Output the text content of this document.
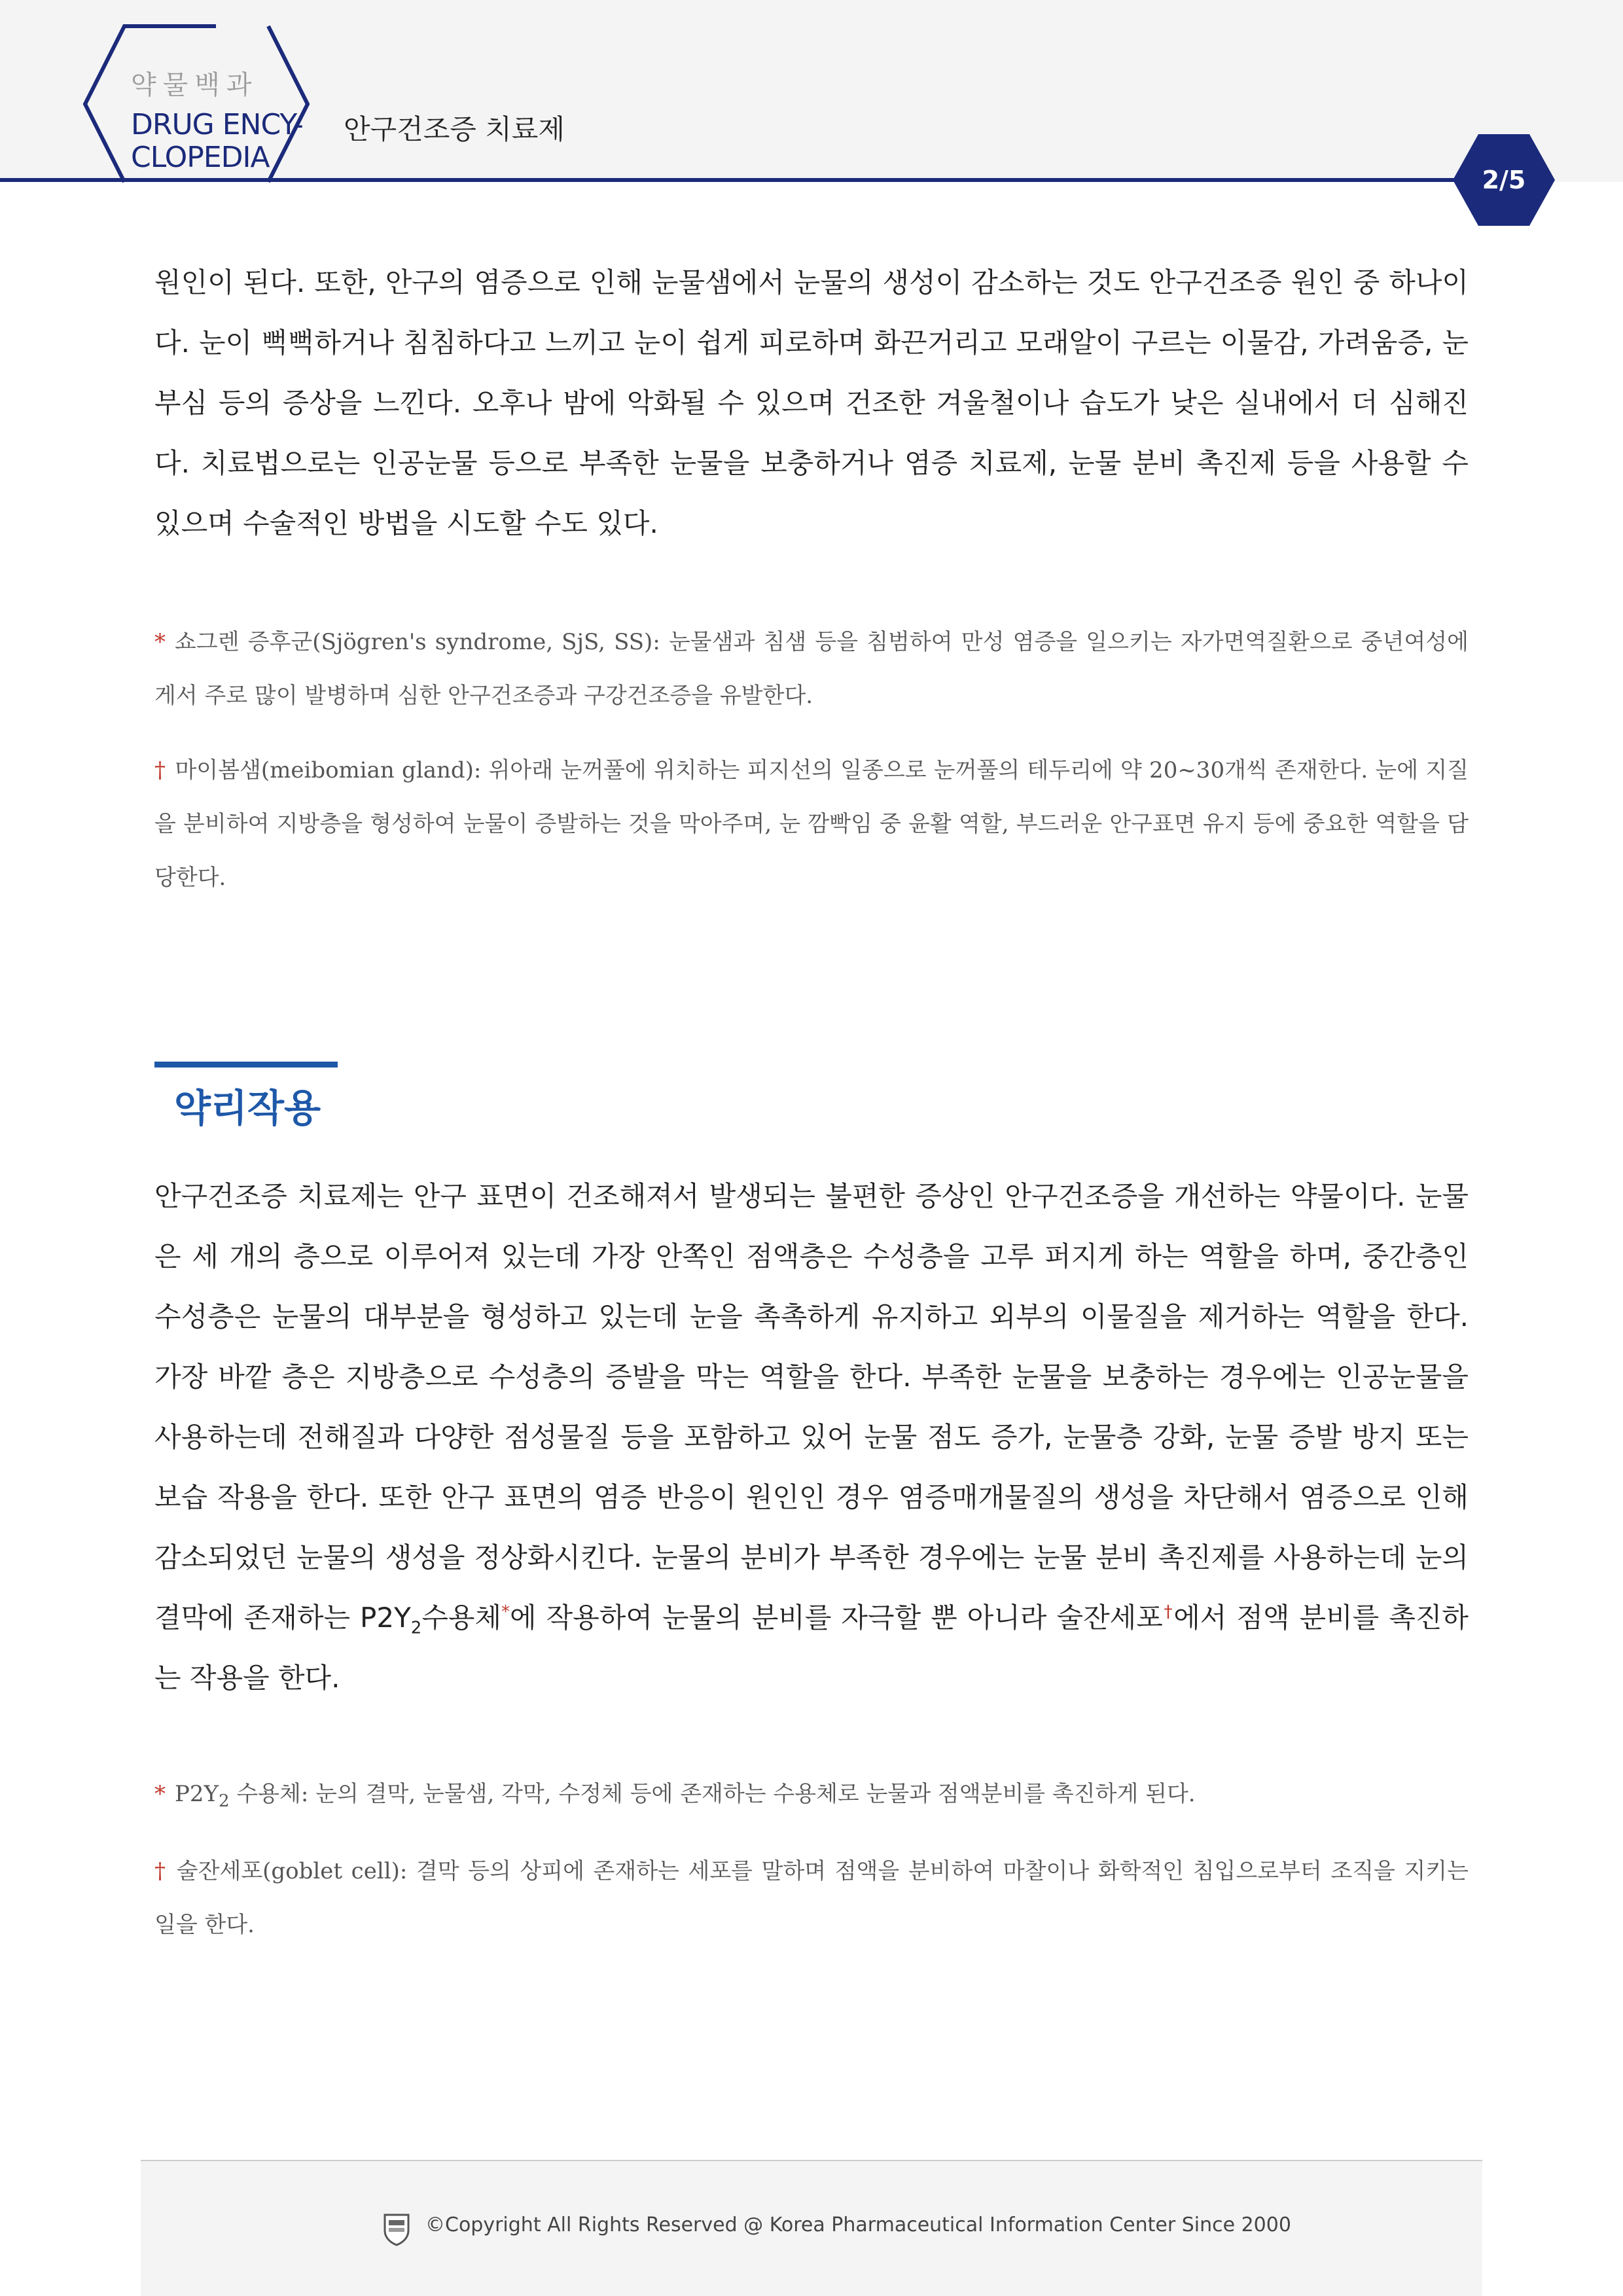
약물백과
DRUG ENCY-
CLOPEDIA
안구건조증 치료제
2/5

원인이 된다. 또한, 안구의 염증으로 인해 눈물샘에서 눈물의 생성이 감소하는 것도 안구건조증 원인 중 하나이다. 눈이 뻑뻑하거나 침침하다고 느끼고 눈이 쉽게 피로하며 화끈거리고 모래알이 구르는 이물감, 가려움증, 눈부심 등의 증상을 느낀다. 오후나 밤에 악화될 수 있으며 건조한 겨울철이나 습도가 낮은 실내에서 더 심해진다. 치료법으로는 인공눈물 등으로 부족한 눈물을 보충하거나 염증 치료제, 눈물 분비 촉진제 등을 사용할 수 있으며 수술적인 방법을 시도할 수도 있다.

* 쇼그렌 증후군(Sjögren's syndrome, SjS, SS): 눈물샘과 침샘 등을 침범하여 만성 염증을 일으키는 자가면역질환으로 중년여성에게서 주로 많이 발병하며 심한 안구건조증과 구강건조증을 유발한다.

† 마이봄샘(meibomian gland): 위아래 눈꺼풀에 위치하는 피지선의 일종으로 눈꺼풀의 테두리에 약 20~30개씩 존재한다. 눈에 지질을 분비하여 지방층을 형성하여 눈물이 증발하는 것을 막아주며, 눈 깜빡임 중 윤활 역할, 부드러운 안구표면 유지 등에 중요한 역할을 담당한다.

약리작용

안구건조증 치료제는 안구 표면이 건조해져서 발생되는 불편한 증상인 안구건조증을 개선하는 약물이다. 눈물은 세 개의 층으로 이루어져 있는데 가장 안쪽인 점액층은 수성층을 고루 퍼지게 하는 역할을 하며, 중간층인 수성층은 눈물의 대부분을 형성하고 있는데 눈을 촉촉하게 유지하고 외부의 이물질을 제거하는 역할을 한다. 가장 바깥 층은 지방층으로 수성층의 증발을 막는 역할을 한다. 부족한 눈물을 보충하는 경우에는 인공눈물을 사용하는데 전해질과 다양한 점성물질 등을 포함하고 있어 눈물 점도 증가, 눈물층 강화, 눈물 증발 방지 또는 보습 작용을 한다. 또한 안구 표면의 염증 반응이 원인인 경우 염증매개물질의 생성을 차단해서 염증으로 인해 감소되었던 눈물의 생성을 정상화시킨다. 눈물의 분비가 부족한 경우에는 눈물 분비 촉진제를 사용하는데 눈의 결막에 존재하는 $P2Y_2$수용체*에 작용하여 눈물의 분비를 자극할 뿐 아니라 술잔세포†에서 점액 분비를 촉진하는 작용을 한다.

* $P2Y_2$ 수용체: 눈의 결막, 눈물샘, 각막, 수정체 등에 존재하는 수용체로 눈물과 점액분비를 촉진하게 된다.

† 술잔세포(goblet cell): 결막 등의 상피에 존재하는 세포를 말하며 점액을 분비하여 마찰이나 화학적인 침입으로부터 조직을 지키는 일을 한다.

©Copyright All Rights Reserved @ Korea Pharmaceutical Information Center Since 2000
